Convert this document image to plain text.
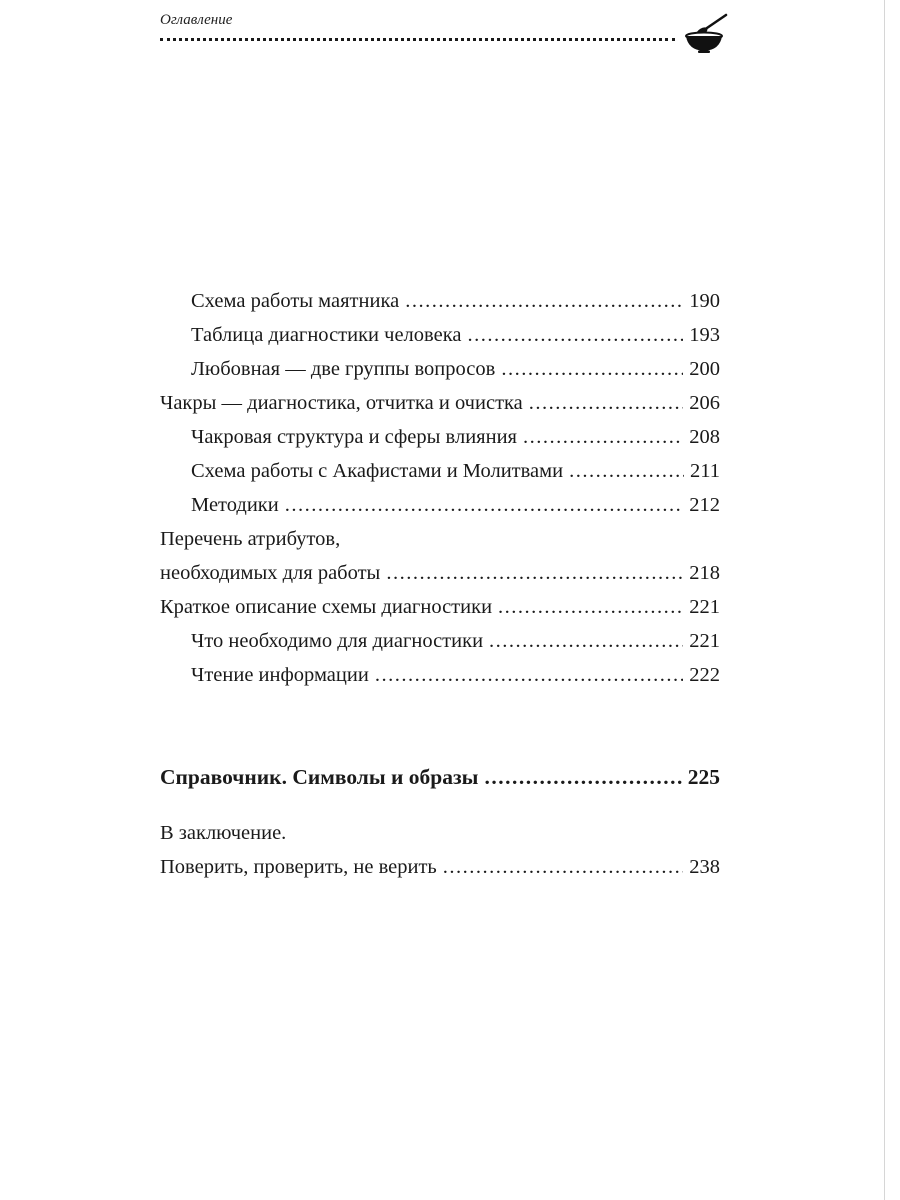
Оглавление
Схема работы маятника .....	190
Таблица диагностики человека .....	193
Любовная — две группы вопросов .....	200
Чакры — диагностика, отчитка и очистка .....	206
Чакровая структура и сферы влияния .....	208
Схема работы с Акафистами и Молитвами .....	211
Методики .....	212
Перечень атрибутов,
необходимых для работы .....	218
Краткое описание схемы диагностики .....	221
Что необходимо для диагностики .....	221
Чтение информации .....	222
Справочник. Символы и образы .....	225
В заключение.
Поверить, проверить, не верить .....	238
